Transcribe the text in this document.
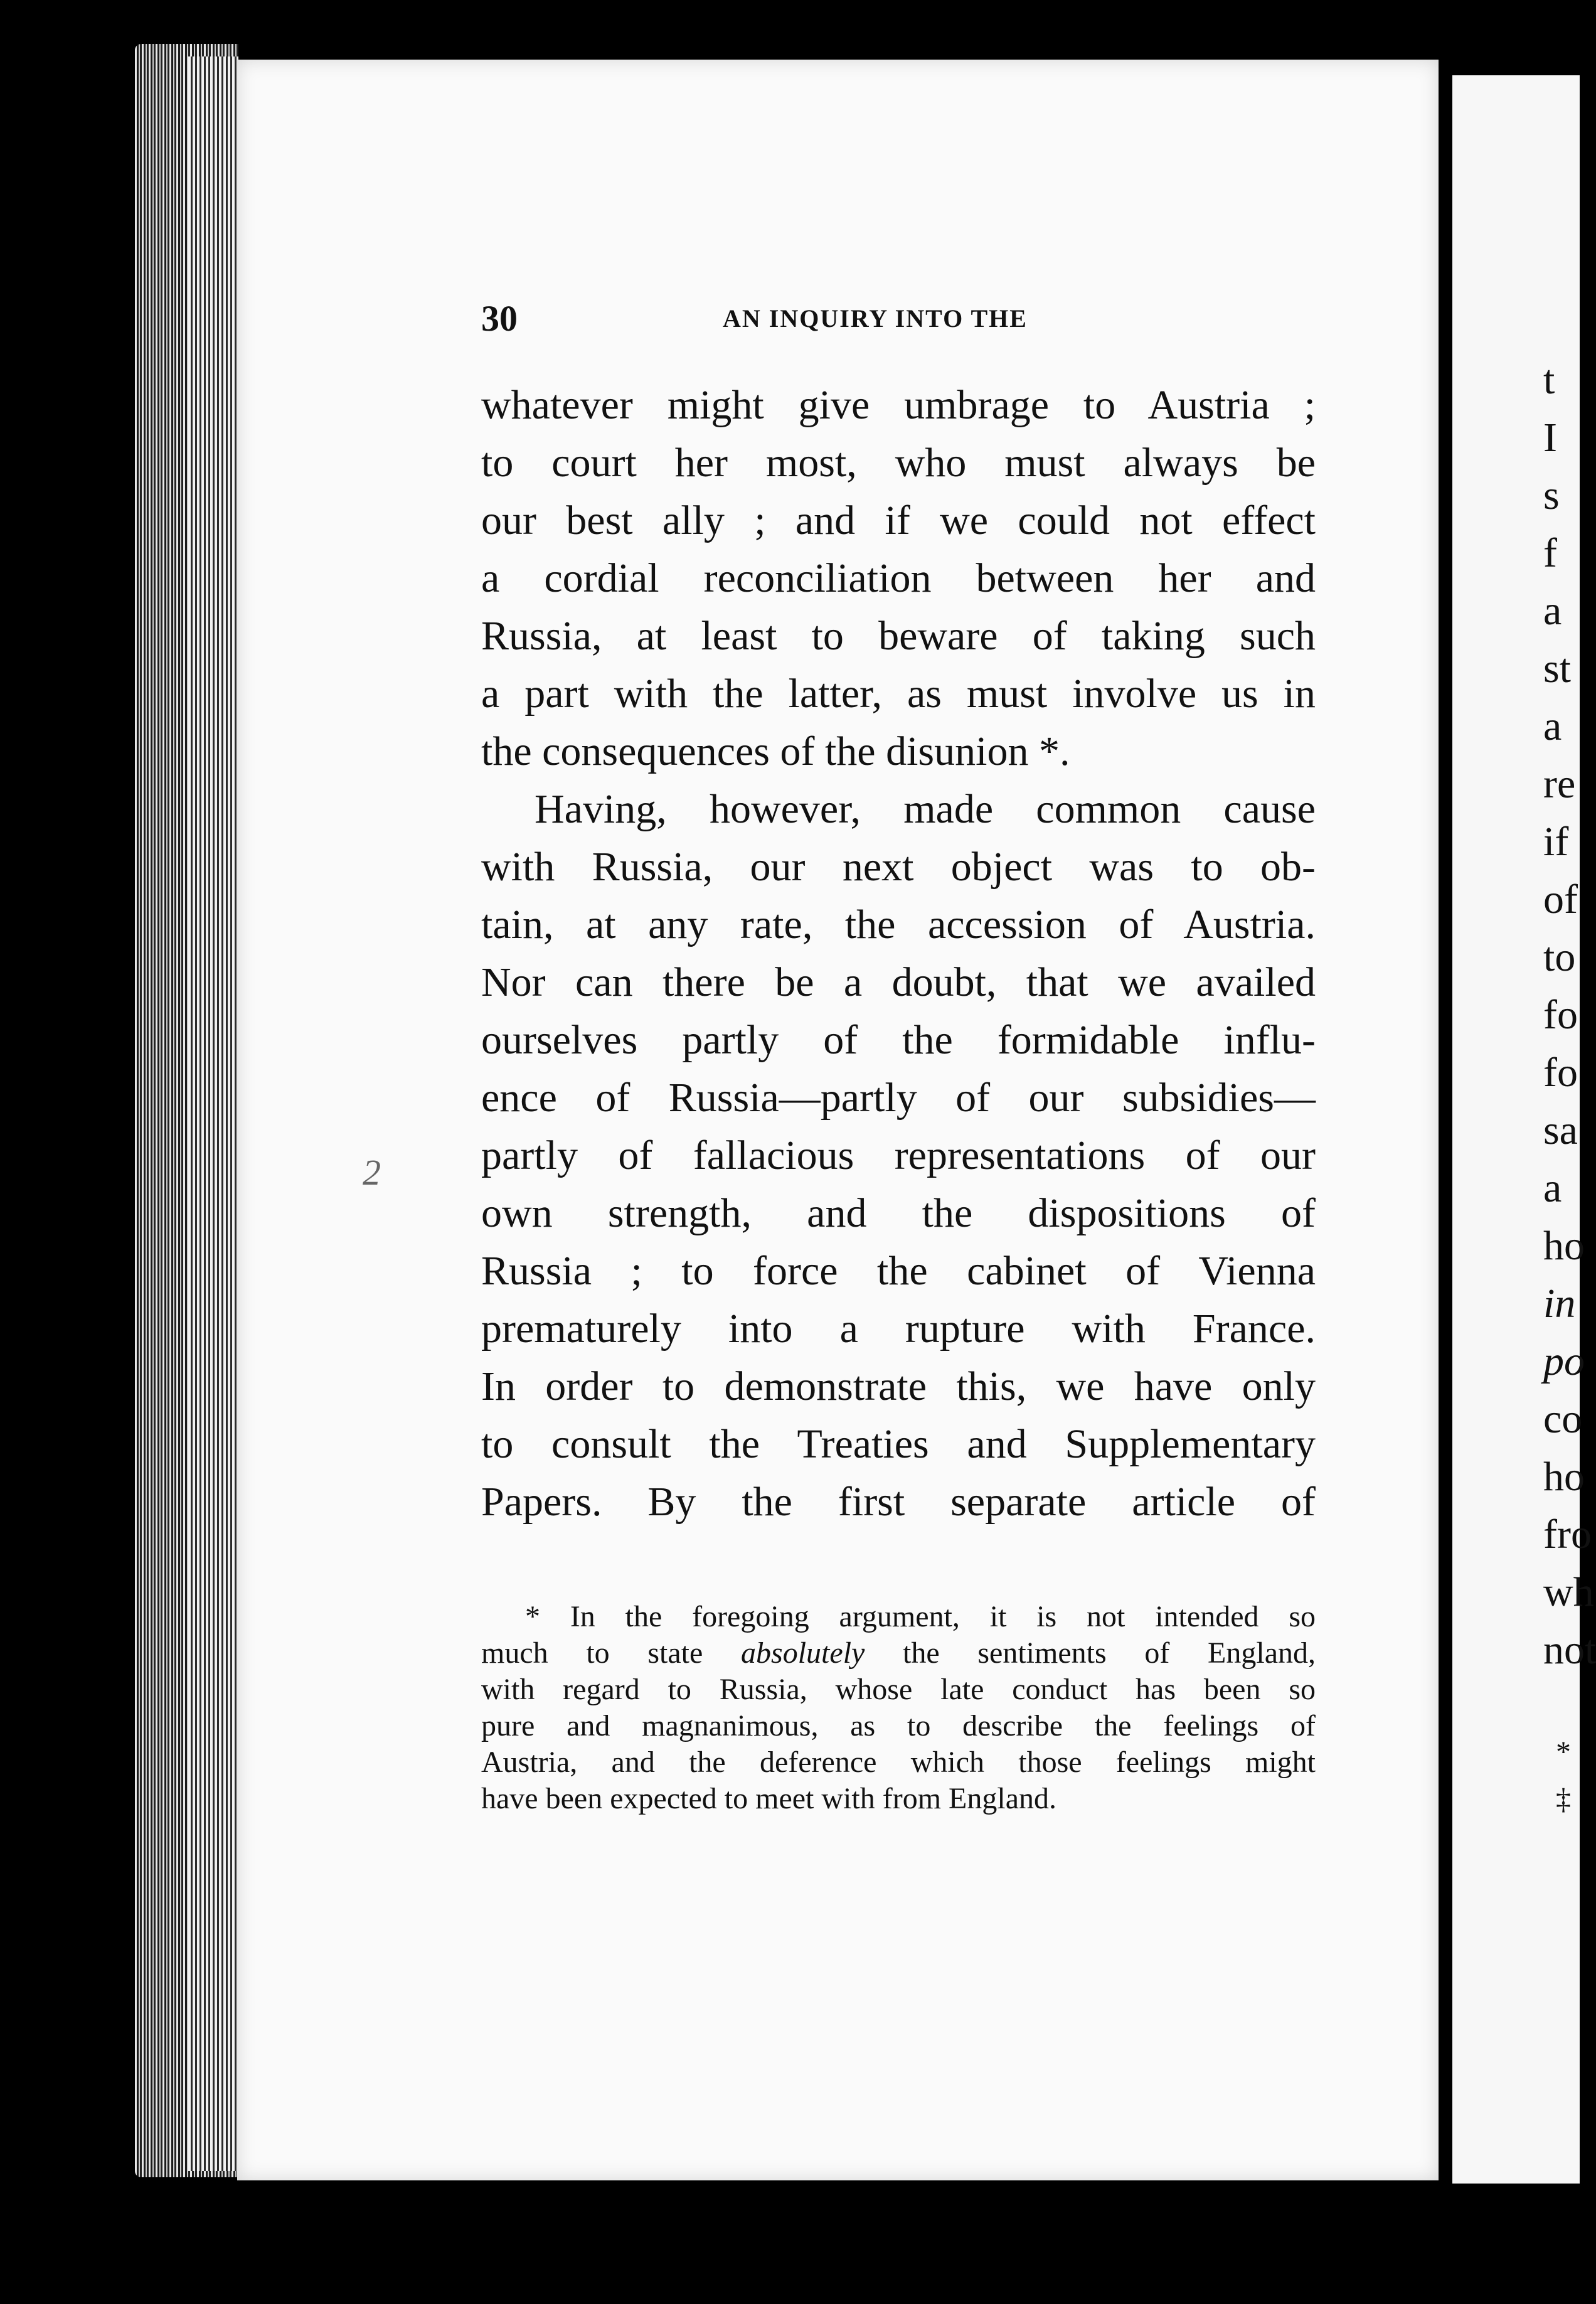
30	AN INQUIRY INTO THE
whatever might give umbrage to Austria ;
to court her most, who must always be
our best ally ; and if we could not effect
a cordial reconciliation between her and
Russia, at least to beware of taking such
a part with the latter, as must involve us in
the consequences of the disunion *.
Having, however, made common cause
with Russia, our next object was to ob-
tain, at any rate, the accession of Austria.
Nor can there be a doubt, that we availed
ourselves partly of the formidable influ-
ence of Russia—partly of our subsidies—
partly of fallacious representations of our
own strength, and the dispositions of
Russia ; to force the cabinet of Vienna
prematurely into a rupture with France.
In order to demonstrate this, we have only
to consult the Treaties and Supplementary
Papers. By the first separate article of
* In the foregoing argument, it is not intended so
much to state absolutely the sentiments of England,
with regard to Russia, whose late conduct has been so
pure and magnanimous, as to describe the feelings of
Austria, and the deference which those feelings might
have been expected to meet with from England.
2
t
I
s
f
a
st
a
re
if
of
to
fo
fo
sa
a
ho
in
po
co
ho
fro
wh
not
*
‡
